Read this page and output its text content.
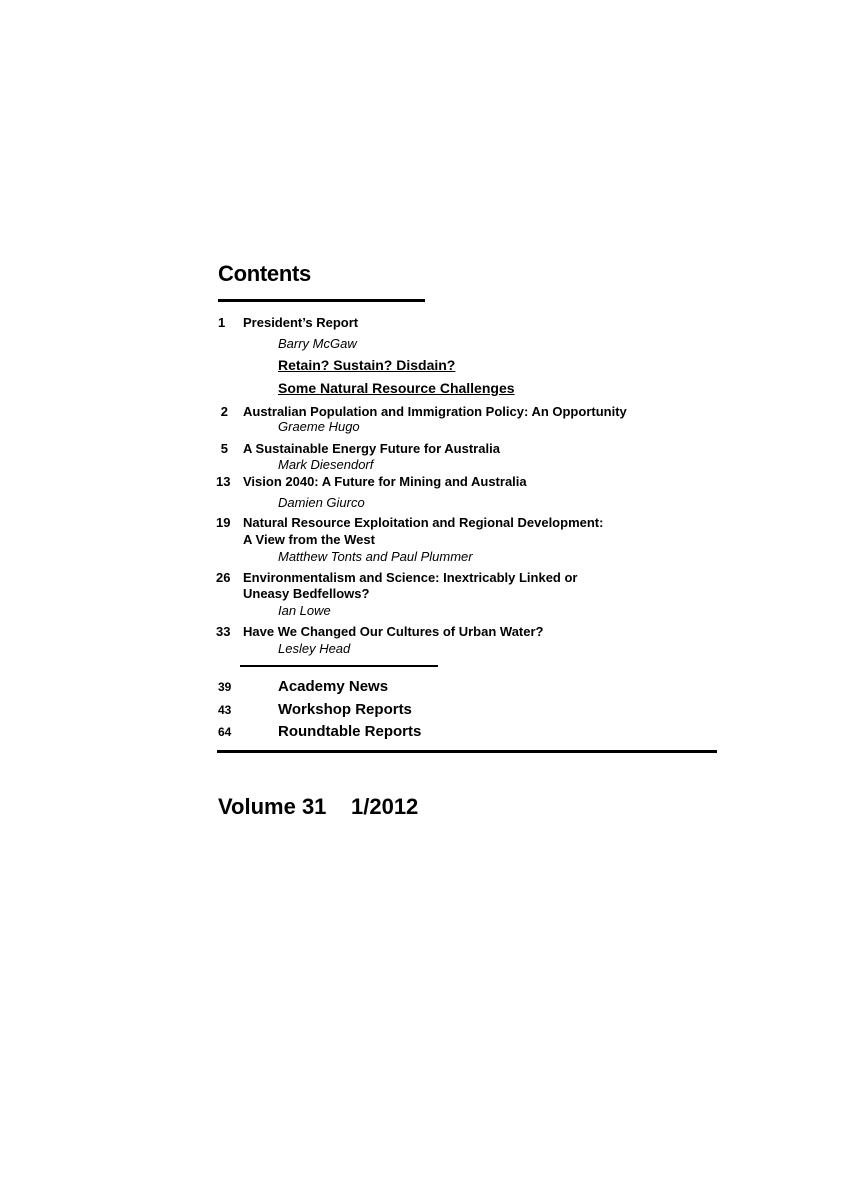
Contents
1 President’s Report
Barry McGaw
Retain? Sustain? Disdain?
Some Natural Resource Challenges
2 Australian Population and Immigration Policy: An Opportunity
Graeme Hugo
5 A Sustainable Energy Future for Australia
Mark Diesendorf
13 Vision 2040: A Future for Mining and Australia
Damien Giurco
19 Natural Resource Exploitation and Regional Development:
A View from the West
Matthew Tonts and Paul Plummer
26 Environmentalism and Science: Inextricably Linked or
Uneasy Bedfellows?
Ian Lowe
33 Have We Changed Our Cultures of Urban Water?
Lesley Head
39	Academy News
43	Workshop Reports
64	Roundtable Reports
Volume 31 1/2012
